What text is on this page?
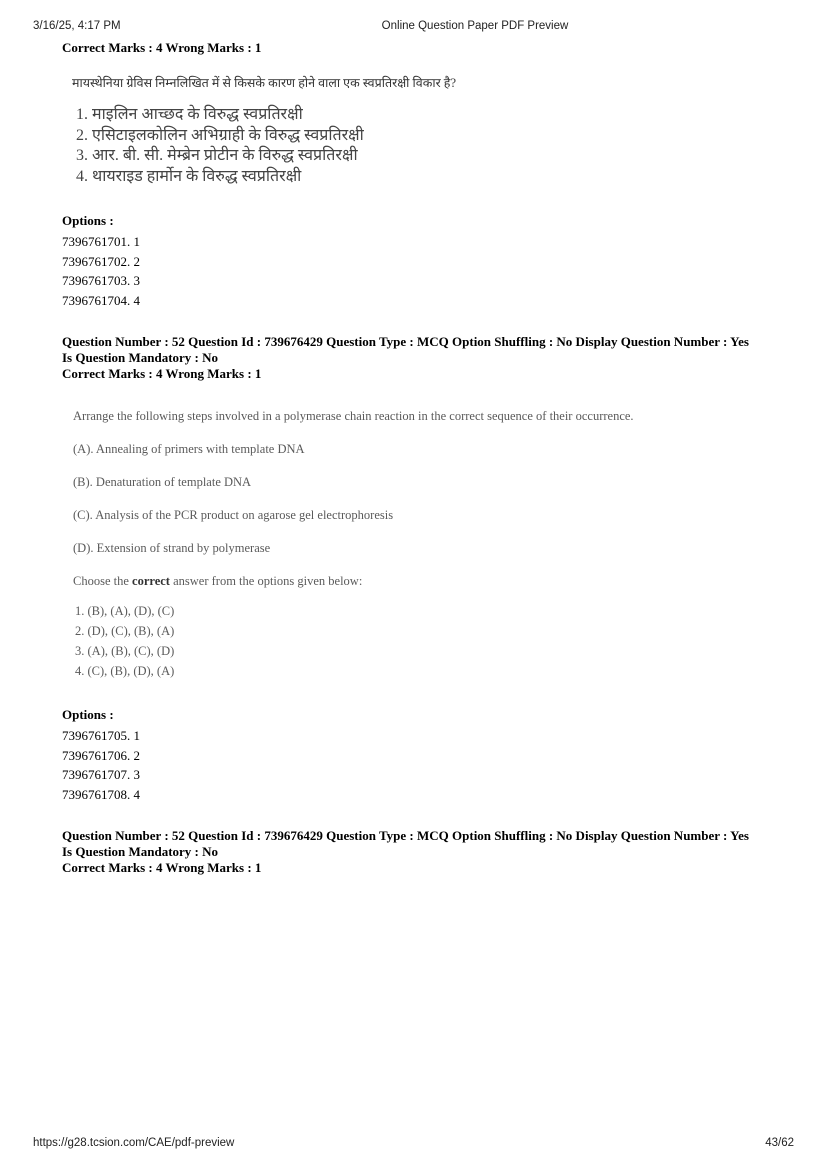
3/16/25, 4:17 PM	Online Question Paper PDF Preview
Correct Marks : 4 Wrong Marks : 1
मायस्थेनिया ग्रेविस निम्नलिखित में से किसके कारण होने वाला एक स्वप्रतिरक्षी विकार है?
1. माइलिन आच्छद के विरुद्ध स्वप्रतिरक्षी
2. एसिटाइलकोलिन अभिग्राही के विरुद्ध स्वप्रतिरक्षी
3. आर. बी. सी. मेम्ब्रेन प्रोटीन के विरुद्ध स्वप्रतिरक्षी
4. थायराइड हार्मोन के विरुद्ध स्वप्रतिरक्षी
Options :
7396761701. 1
7396761702. 2
7396761703. 3
7396761704. 4
Question Number : 52 Question Id : 739676429 Question Type : MCQ Option Shuffling : No Display Question Number : Yes
Is Question Mandatory : No
Correct Marks : 4 Wrong Marks : 1
Arrange the following steps involved in a polymerase chain reaction in the correct sequence of their occurrence.
(A). Annealing of primers with template DNA
(B). Denaturation of template DNA
(C). Analysis of the PCR product on agarose gel electrophoresis
(D). Extension of strand by polymerase
Choose the correct answer from the options given below:
1. (B), (A), (D), (C)
2. (D), (C), (B), (A)
3. (A), (B), (C), (D)
4. (C), (B), (D), (A)
Options :
7396761705. 1
7396761706. 2
7396761707. 3
7396761708. 4
Question Number : 52 Question Id : 739676429 Question Type : MCQ Option Shuffling : No Display Question Number : Yes
Is Question Mandatory : No
Correct Marks : 4 Wrong Marks : 1
https://g28.tcsion.com/CAE/pdf-preview	43/62
